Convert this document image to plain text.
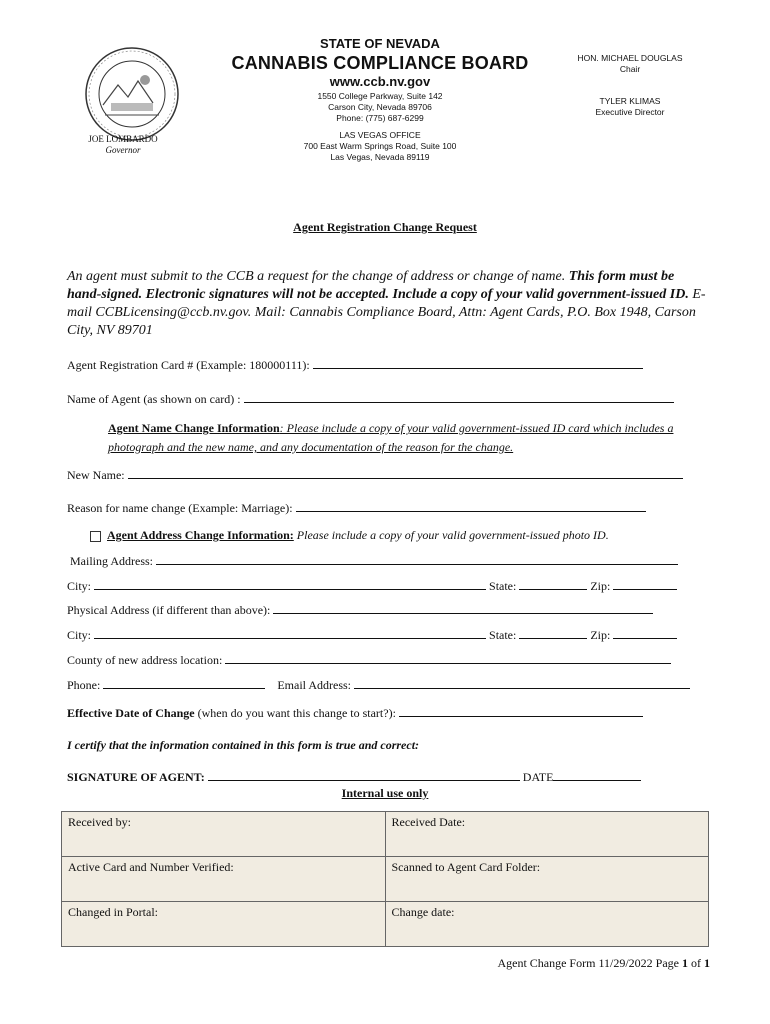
STATE OF NEVADA
CANNABIS COMPLIANCE BOARD
www.ccb.nv.gov
1550 College Parkway, Suite 142
Carson City, Nevada 89706
Phone: (775) 687-6299
LAS VEGAS OFFICE
700 East Warm Springs Road, Suite 100
Las Vegas, Nevada 89119
HON. MICHAEL DOUGLAS
Chair
TYLER KLIMAS
Executive Director
JOE LOMBARDO
Governor
Agent Registration Change Request
An agent must submit to the CCB a request for the change of address or change of name. This form must be hand-signed. Electronic signatures will not be accepted. Include a copy of your valid government-issued ID. E-mail CCBLicensing@ccb.nv.gov. Mail: Cannabis Compliance Board, Attn: Agent Cards, P.O. Box 1948, Carson City, NV 89701
Agent Registration Card # (Example: 180000111):
Name of Agent (as shown on card) :
Agent Name Change Information: Please include a copy of your valid government-issued ID card which includes a photograph and the new name, and any documentation of the reason for the change.
New Name:
Reason for name change (Example: Marriage):
Agent Address Change Information: Please include a copy of your valid government-issued photo ID.
Mailing Address:
City:	State:	Zip:
Physical Address (if different than above):
City:	State:	Zip:
County of new address location:
Phone:	Email Address:
Effective Date of Change (when do you want this change to start?):
I certify that the information contained in this form is true and correct:
SIGNATURE OF AGENT:	DATE
Internal use only
Received by:	Received Date:
Active Card and Number Verified:	Scanned to Agent Card Folder:
Changed in Portal:	Change date:
Agent Change Form 11/29/2022 Page 1 of 1
